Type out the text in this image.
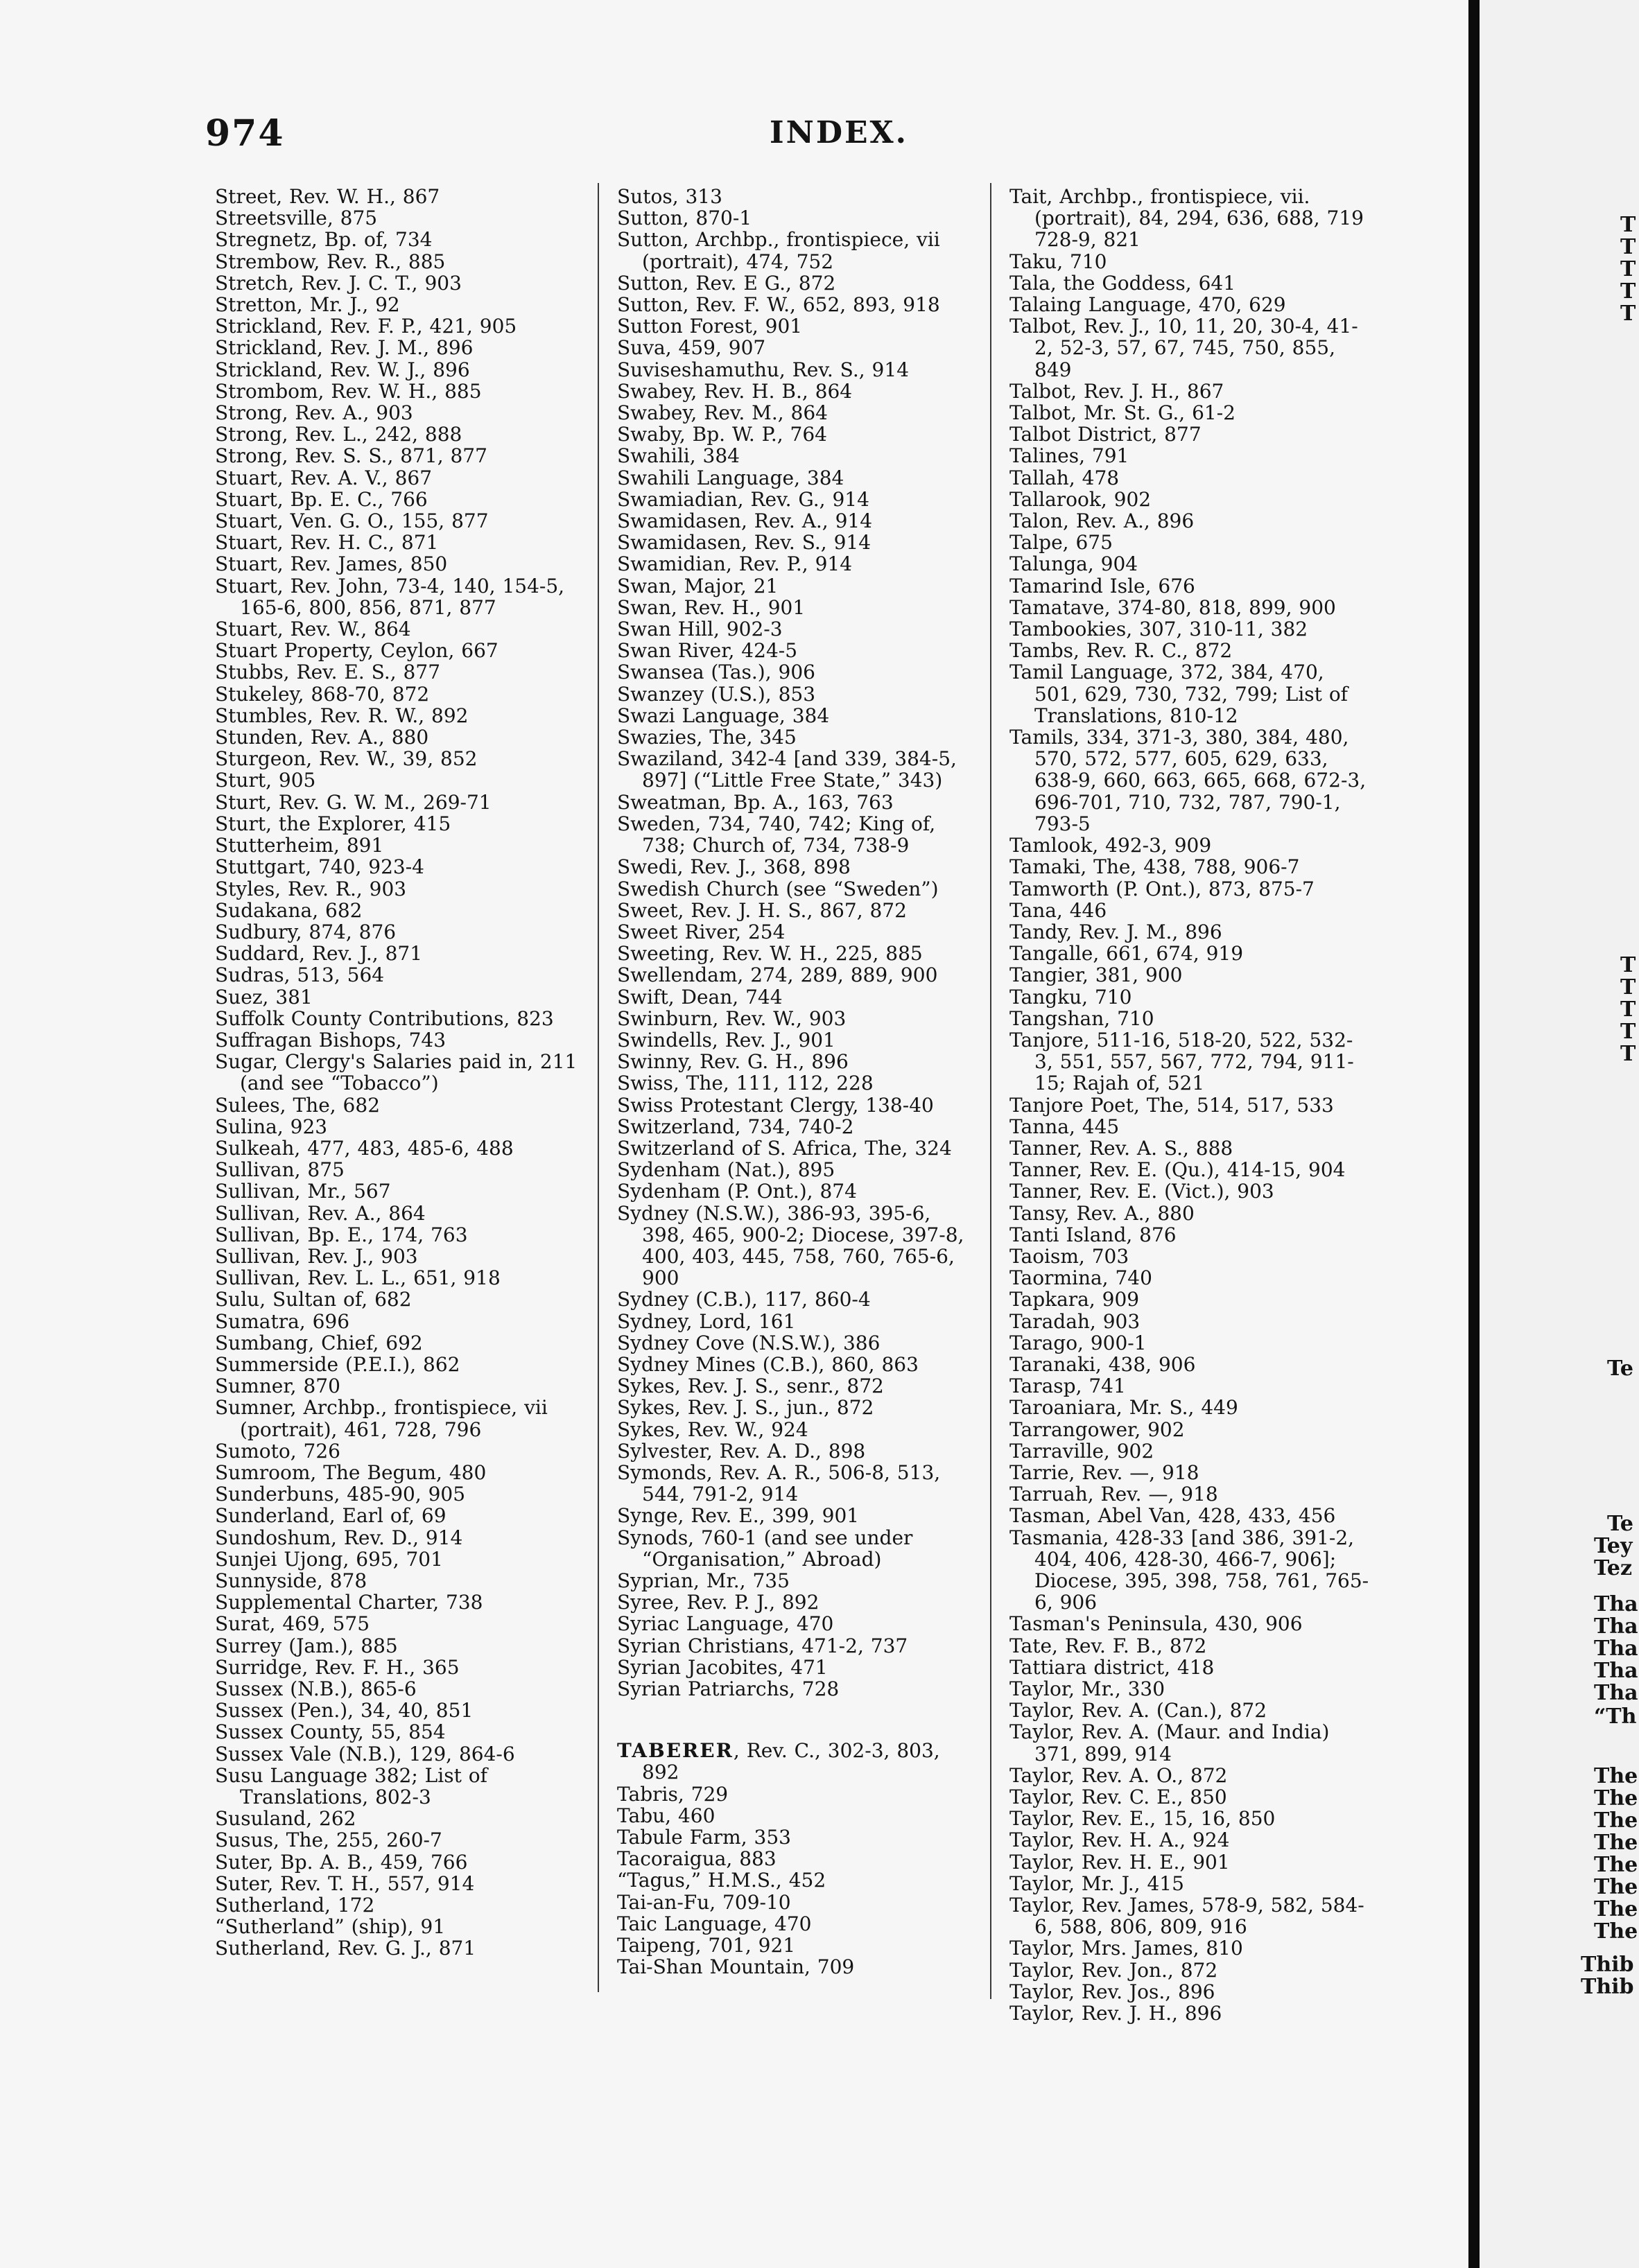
974	INDEX.
Street, Rev. W. H., 867
Streetsville, 875
Stregnetz, Bp. of, 734
Strembow, Rev. R., 885
Stretch, Rev. J. C. T., 903
Stretton, Mr. J., 92
Strickland, Rev. F. P., 421, 905
Strickland, Rev. J. M., 896
Strickland, Rev. W. J., 896
Strombom, Rev. W. H., 885
Strong, Rev. A., 903
Strong, Rev. L., 242, 888
Strong, Rev. S. S., 871, 877
Stuart, Rev. A. V., 867
Stuart, Bp. E. C., 766
Stuart, Ven. G. O., 155, 877
Stuart, Rev. H. C., 871
Stuart, Rev. James, 850
Stuart, Rev. John, 73-4, 140, 154-5, 165-6, 800, 856, 871, 877
Stuart, Rev. W., 864
Stuart Property, Ceylon, 667
Stubbs, Rev. E. S., 877
Stukeley, 868-70, 872
Stumbles, Rev. R. W., 892
Stunden, Rev. A., 880
Sturgeon, Rev. W., 39, 852
Sturt, 905
Sturt, Rev. G. W. M., 269-71
Sturt, the Explorer, 415
Stutterheim, 891
Stuttgart, 740, 923-4
Styles, Rev. R., 903
Sudakana, 682
Sudbury, 874, 876
Suddard, Rev. J., 871
Sudras, 513, 564
Suez, 381
Suffolk County Contributions, 823
Suffragan Bishops, 743
Sugar, Clergy's Salaries paid in, 211 (and see “Tobacco”)
Sulees, The, 682
Sulina, 923
Sulkeah, 477, 483, 485-6, 488
Sullivan, 875
Sullivan, Mr., 567
Sullivan, Rev. A., 864
Sullivan, Bp. E., 174, 763
Sullivan, Rev. J., 903
Sullivan, Rev. L. L., 651, 918
Sulu, Sultan of, 682
Sumatra, 696
Sumbang, Chief, 692
Summerside (P.E.I.), 862
Sumner, 870
Sumner, Archbp., frontispiece, vii (portrait), 461, 728, 796
Sumoto, 726
Sumroom, The Begum, 480
Sunderbuns, 485-90, 905
Sunderland, Earl of, 69
Sundoshum, Rev. D., 914
Sunjei Ujong, 695, 701
Sunnyside, 878
Supplemental Charter, 738
Surat, 469, 575
Surrey (Jam.), 885
Surridge, Rev. F. H., 365
Sussex (N.B.), 865-6
Sussex (Pen.), 34, 40, 851
Sussex County, 55, 854
Sussex Vale (N.B.), 129, 864-6
Susu Language 382; List of Translations, 802-3
Susuland, 262
Susus, The, 255, 260-7
Suter, Bp. A. B., 459, 766
Suter, Rev. T. H., 557, 914
Sutherland, 172
“Sutherland” (ship), 91
Sutherland, Rev. G. J., 871
Sutos, 313
Sutton, 870-1
Sutton, Archbp., frontispiece, vii (portrait), 474, 752
Sutton, Rev. E G., 872
Sutton, Rev. F. W., 652, 893, 918
Sutton Forest, 901
Suva, 459, 907
Suviseshamuthu, Rev. S., 914
Swabey, Rev. H. B., 864
Swabey, Rev. M., 864
Swaby, Bp. W. P., 764
Swahili, 384
Swahili Language, 384
Swamiadian, Rev. G., 914
Swamidasen, Rev. A., 914
Swamidasen, Rev. S., 914
Swamidian, Rev. P., 914
Swan, Major, 21
Swan, Rev. H., 901
Swan Hill, 902-3
Swan River, 424-5
Swansea (Tas.), 906
Swanzey (U.S.), 853
Swazi Language, 384
Swazies, The, 345
Swaziland, 342-4 [and 339, 384-5, 897] (“Little Free State,” 343)
Sweatman, Bp. A., 163, 763
Sweden, 734, 740, 742; King of, 738; Church of, 734, 738-9
Swedi, Rev. J., 368, 898
Swedish Church (see “Sweden”)
Sweet, Rev. J. H. S., 867, 872
Sweet River, 254
Sweeting, Rev. W. H., 225, 885
Swellendam, 274, 289, 889, 900
Swift, Dean, 744
Swinburn, Rev. W., 903
Swindells, Rev. J., 901
Swinny, Rev. G. H., 896
Swiss, The, 111, 112, 228
Swiss Protestant Clergy, 138-40
Switzerland, 734, 740-2
Switzerland of S. Africa, The, 324
Sydenham (Nat.), 895
Sydenham (P. Ont.), 874
Sydney (N.S.W.), 386-93, 395-6, 398, 465, 900-2; Diocese, 397-8, 400, 403, 445, 758, 760, 765-6, 900
Sydney (C.B.), 117, 860-4
Sydney, Lord, 161
Sydney Cove (N.S.W.), 386
Sydney Mines (C.B.), 860, 863
Sykes, Rev. J. S., senr., 872
Sykes, Rev. J. S., jun., 872
Sykes, Rev. W., 924
Sylvester, Rev. A. D., 898
Symonds, Rev. A. R., 506-8, 513, 544, 791-2, 914
Synge, Rev. E., 399, 901
Synods, 760-1 (and see under “Organisation,” Abroad)
Syprian, Mr., 735
Syree, Rev. P. J., 892
Syriac Language, 470
Syrian Christians, 471-2, 737
Syrian Jacobites, 471
Syrian Patriarchs, 728
TABERER, Rev. C., 302-3, 803, 892
Tabris, 729
Tabu, 460
Tabule Farm, 353
Tacoraigua, 883
“Tagus,” H.M.S., 452
Tai-an-Fu, 709-10
Taic Language, 470
Taipeng, 701, 921
Tai-Shan Mountain, 709
Tait, Archbp., frontispiece, vii. (portrait), 84, 294, 636, 688, 719 728-9, 821
Taku, 710
Tala, the Goddess, 641
Talaing Language, 470, 629
Talbot, Rev. J., 10, 11, 20, 30-4, 41-2, 52-3, 57, 67, 745, 750, 855, 849
Talbot, Rev. J. H., 867
Talbot, Mr. St. G., 61-2
Talbot District, 877
Talines, 791
Tallah, 478
Tallarook, 902
Talon, Rev. A., 896
Talpe, 675
Talunga, 904
Tamarind Isle, 676
Tamatave, 374-80, 818, 899, 900
Tambookies, 307, 310-11, 382
Tambs, Rev. R. C., 872
Tamil Language, 372, 384, 470, 501, 629, 730, 732, 799; List of Translations, 810-12
Tamils, 334, 371-3, 380, 384, 480, 570, 572, 577, 605, 629, 633, 638-9, 660, 663, 665, 668, 672-3, 696-701, 710, 732, 787, 790-1, 793-5
Tamlook, 492-3, 909
Tamaki, The, 438, 788, 906-7
Tamworth (P. Ont.), 873, 875-7
Tana, 446
Tandy, Rev. J. M., 896
Tangalle, 661, 674, 919
Tangier, 381, 900
Tangku, 710
Tangshan, 710
Tanjore, 511-16, 518-20, 522, 532-3, 551, 557, 567, 772, 794, 911-15; Rajah of, 521
Tanjore Poet, The, 514, 517, 533
Tanna, 445
Tanner, Rev. A. S., 888
Tanner, Rev. E. (Qu.), 414-15, 904
Tanner, Rev. E. (Vict.), 903
Tansy, Rev. A., 880
Tanti Island, 876
Taoism, 703
Taormina, 740
Tapkara, 909
Taradah, 903
Tarago, 900-1
Taranaki, 438, 906
Tarasp, 741
Taroaniara, Mr. S., 449
Tarrangower, 902
Tarraville, 902
Tarrie, Rev. —, 918
Tarruah, Rev. —, 918
Tasman, Abel Van, 428, 433, 456
Tasmania, 428-33 [and 386, 391-2, 404, 406, 428-30, 466-7, 906]; Diocese, 395, 398, 758, 761, 765-6, 906
Tasman's Peninsula, 430, 906
Tate, Rev. F. B., 872
Tattiara district, 418
Taylor, Mr., 330
Taylor, Rev. A. (Can.), 872
Taylor, Rev. A. (Maur. and India) 371, 899, 914
Taylor, Rev. A. O., 872
Taylor, Rev. C. E., 850
Taylor, Rev. E., 15, 16, 850
Taylor, Rev. H. A., 924
Taylor, Rev. H. E., 901
Taylor, Mr. J., 415
Taylor, Rev. James, 578-9, 582, 584-6, 588, 806, 809, 916
Taylor, Mrs. James, 810
Taylor, Rev. Jon., 872
Taylor, Rev. Jos., 896
Taylor, Rev. J. H., 896
T
T
T
T
T
T
T
T
T
T
Te
Te
Tey
Tez
Tha
Tha
Tha
Tha
Tha
“Th
The
The
The
The
The
The
The
The
Thib
Thib
